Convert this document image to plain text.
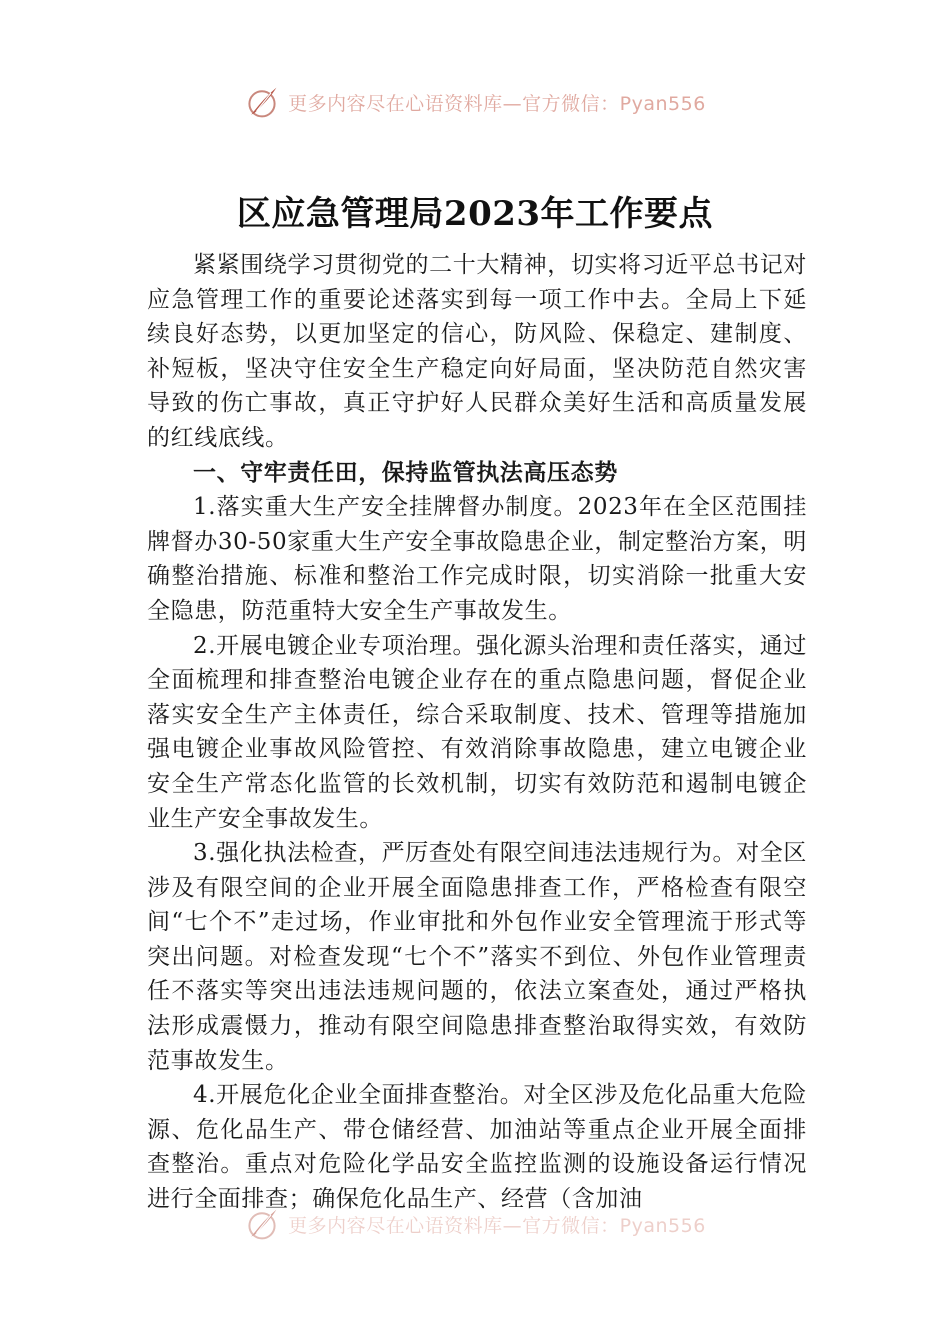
更多内容尽在心语资料库—官方微信：Pyan556
区应急管理局2023年工作要点

紧紧围绕学习贯彻党的二十大精神，切实将习近平总书记对应急管理工作的重要论述落实到每一项工作中去。全局上下延续良好态势，以更加坚定的信心，防风险、保稳定、建制度、补短板，坚决守住安全生产稳定向好局面，坚决防范自然灾害导致的伤亡事故，真正守护好人民群众美好生活和高质量发展的红线底线。

一、守牢责任田，保持监管执法高压态势

1.落实重大生产安全挂牌督办制度。2023年在全区范围挂牌督办30-50家重大生产安全事故隐患企业，制定整治方案，明确整治措施、标准和整治工作完成时限，切实消除一批重大安全隐患，防范重特大安全生产事故发生。

2.开展电镀企业专项治理。强化源头治理和责任落实，通过全面梳理和排查整治电镀企业存在的重点隐患问题，督促企业落实安全生产主体责任，综合采取制度、技术、管理等措施加强电镀企业事故风险管控、有效消除事故隐患，建立电镀企业安全生产常态化监管的长效机制，切实有效防范和遏制电镀企业生产安全事故发生。

3.强化执法检查，严厉查处有限空间违法违规行为。对全区涉及有限空间的企业开展全面隐患排查工作，严格检查有限空间“七个不”走过场，作业审批和外包作业安全管理流于形式等突出问题。对检查发现“七个不”落实不到位、外包作业管理责任不落实等突出违法违规问题的，依法立案查处，通过严格执法形成震慑力，推动有限空间隐患排查整治取得实效，有效防范事故发生。

4.开展危化企业全面排查整治。对全区涉及危化品重大危险源、危化品生产、带仓储经营、加油站等重点企业开展全面排查整治。重点对危险化学品安全监控监测的设施设备运行情况进行全面排查；确保危化品生产、经营（含加油

更多内容尽在心语资料库—官方微信：Pyan556
